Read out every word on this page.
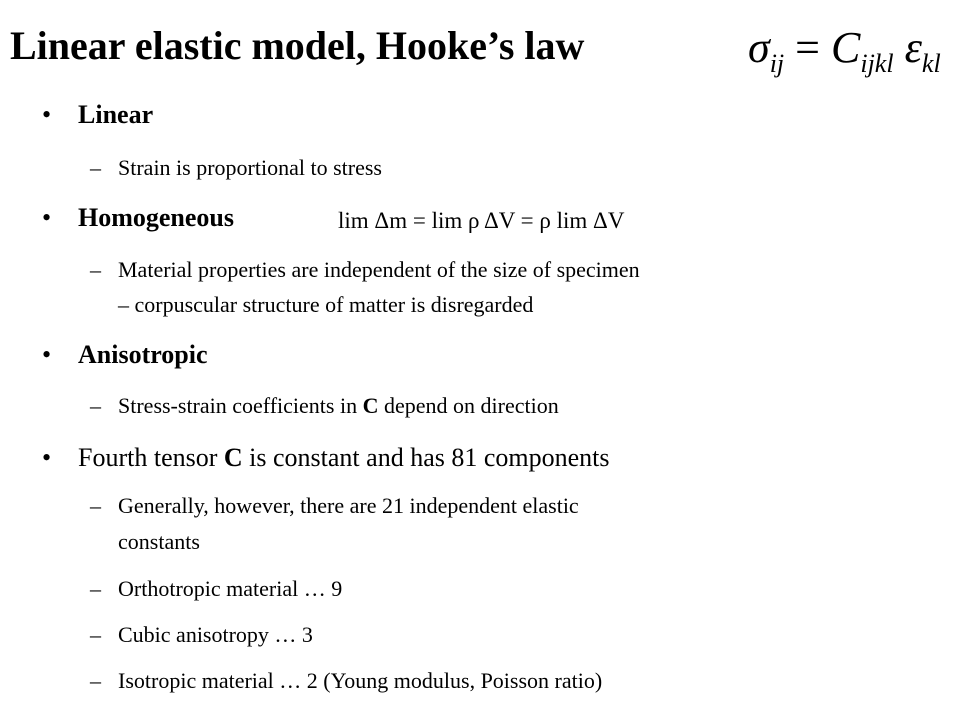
Linear elastic model, Hooke’s law	$\sigma_{ij} = C_{ijkl}$ $\varepsilon_{kl}$
lim Δm = lim ρ ΔV = ρ lim ΔV
• Linear
– Strain is proportional to stress
• Homogeneous
– Material properties are independent of the size of specimen
– corpuscular structure of matter is disregarded
• Anisotropic
– Stress-strain coefficients in C depend on direction
• Fourth tensor C is constant and has 81 components
– Generally, however, there are 21 independent elastic
constants
– Orthotropic material … 9
– Cubic anisotropy … 3
– Isotropic material … 2 (Young modulus, Poisson ratio)
